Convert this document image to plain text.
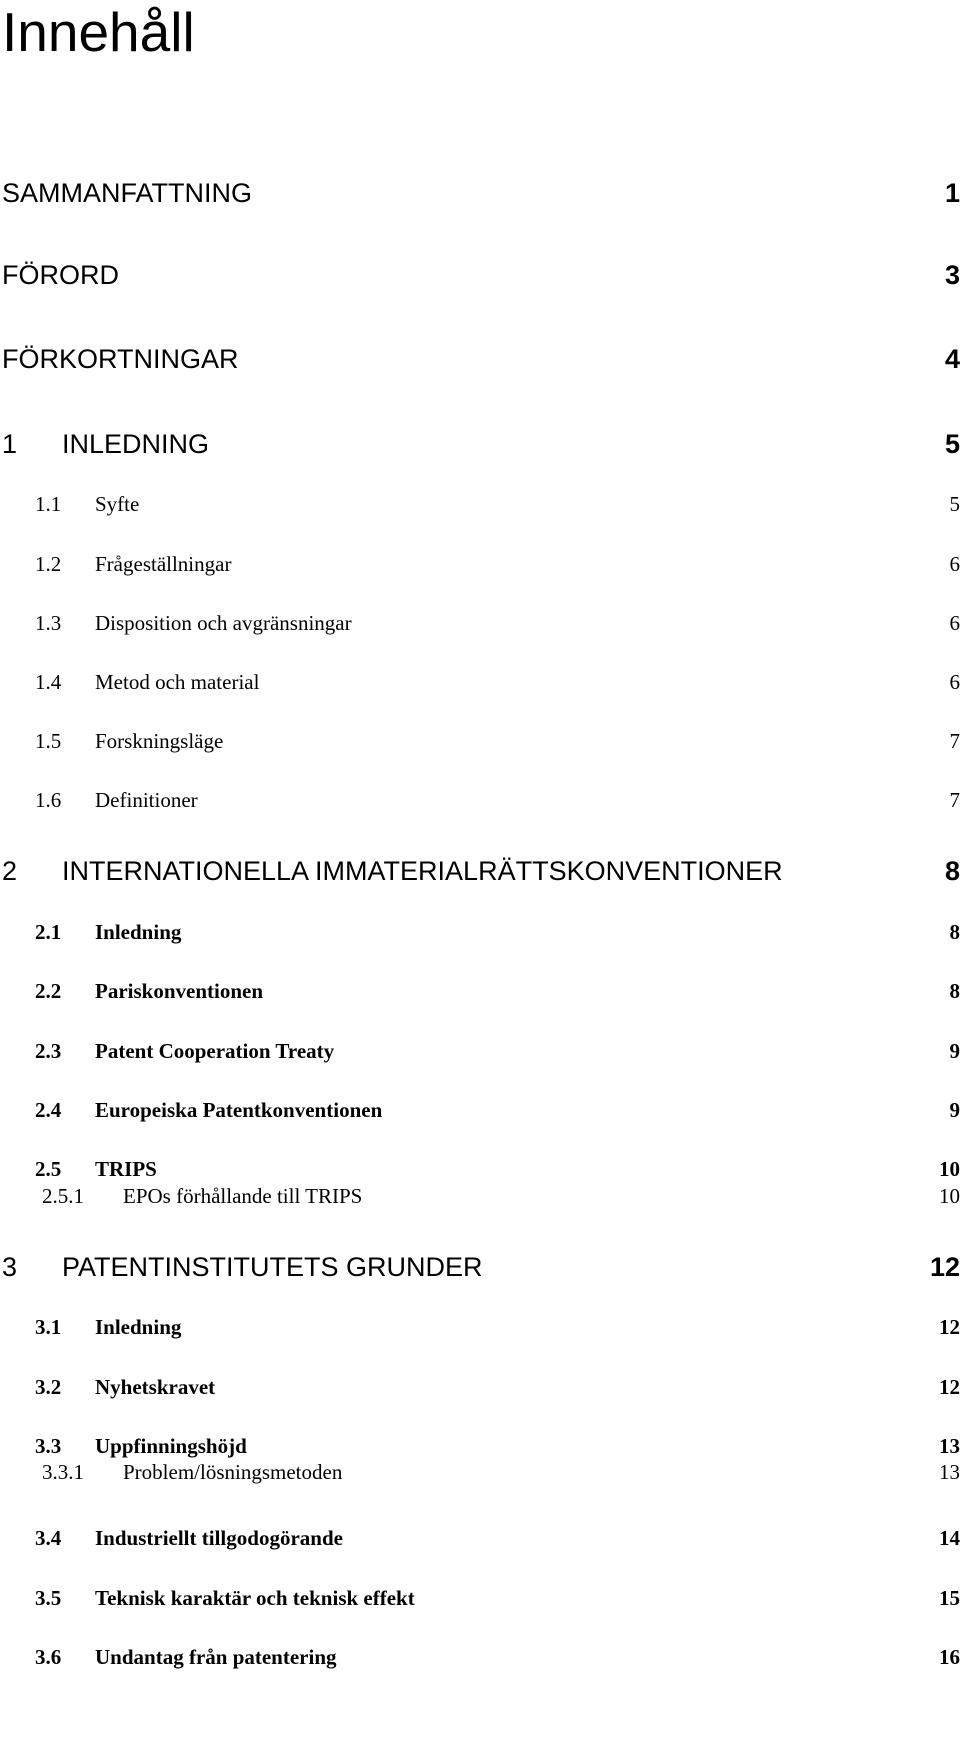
Innehåll
SAMMANFATTNING	1
FÖRORD	3
FÖRKORTNINGAR	4
1 INLEDNING	5
1.1 Syfte	5
1.2 Frågeställningar	6
1.3 Disposition och avgränsningar	6
1.4 Metod och material	6
1.5 Forskningsläge	7
1.6 Definitioner	7
2 INTERNATIONELLA IMMATERIALRÄTTSKONVENTIONER	8
2.1 Inledning	8
2.2 Pariskonventionen	8
2.3 Patent Cooperation Treaty	9
2.4 Europeiska Patentkonventionen	9
2.5 TRIPS	10
2.5.1 EPOs förhållande till TRIPS	10
3 PATENTINSTITUTETS GRUNDER	12
3.1 Inledning	12
3.2 Nyhetskravet	12
3.3 Uppfinningshöjd	13
3.3.1 Problem/lösningsmetoden	13
3.4 Industriellt tillgodogörande	14
3.5 Teknisk karaktär och teknisk effekt	15
3.6 Undantag från patentering	16
